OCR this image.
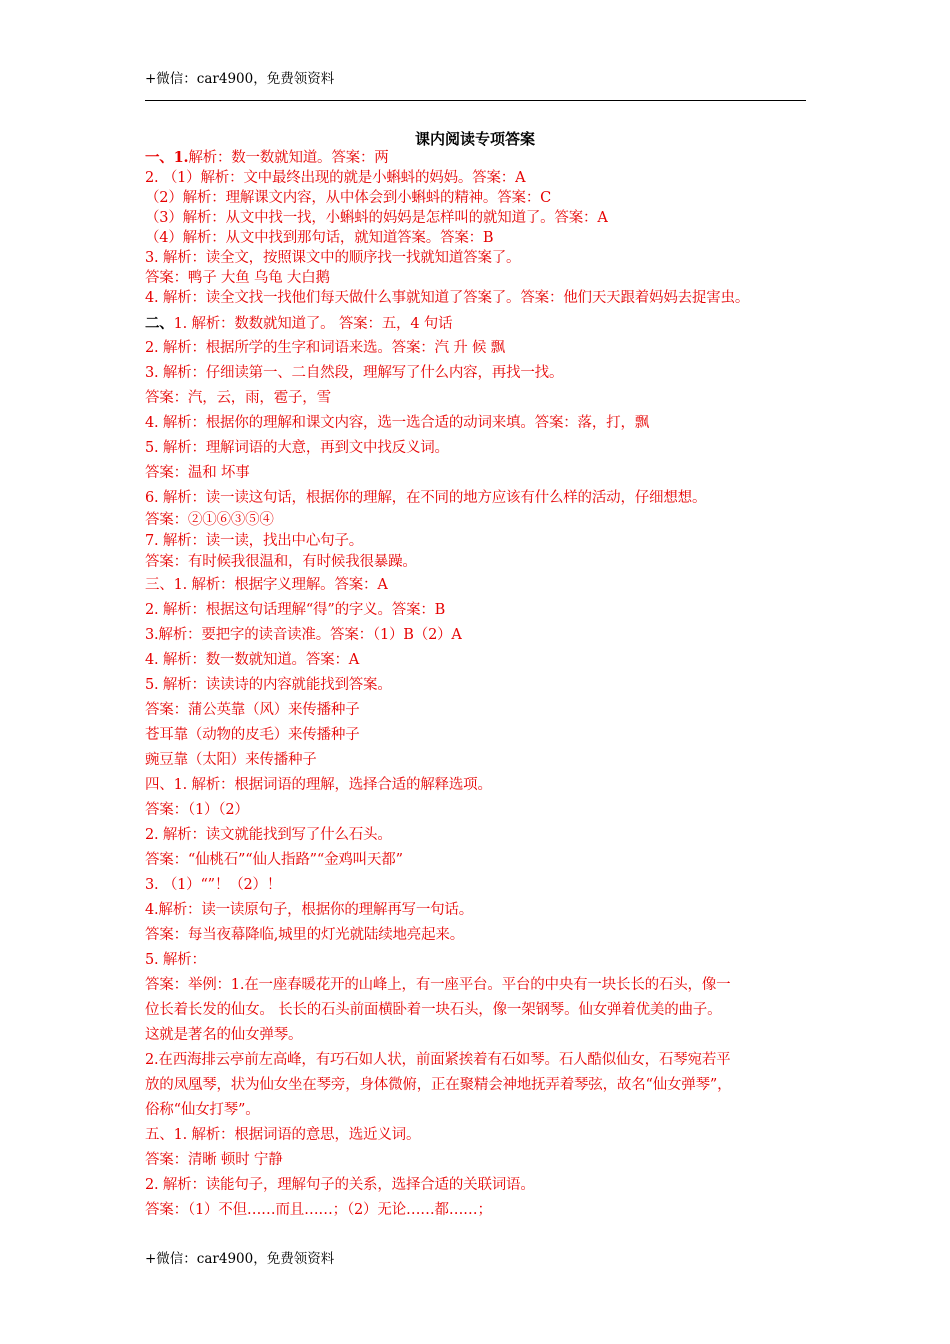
+微信：car4900，免费领资料
课内阅读专项答案
一、1.解析：数一数就知道。答案：两
2. （1）解析：文中最终出现的就是小蝌蚪的妈妈。答案：A
（2）解析：理解课文内容，从中体会到小蝌蚪的精神。答案：C
（3）解析：从文中找一找，小蝌蚪的妈妈是怎样叫的就知道了。答案：A
（4）解析：从文中找到那句话，就知道答案。答案：B
3. 解析：读全文，按照课文中的顺序找一找就知道答案了。
答案：鸭子 大鱼 乌龟 大白鹅
4. 解析：读全文找一找他们每天做什么事就知道了答案了。答案：他们天天跟着妈妈去捉害虫。
二、1. 解析：数数就知道了。 答案：五，4 句话
2. 解析：根据所学的生字和词语来选。答案：汽 升 候 飘
3. 解析：仔细读第一、二自然段，理解写了什么内容，再找一找。
答案：汽，云，雨，雹子，雪
4. 解析：根据你的理解和课文内容，选一选合适的动词来填。答案：落，打，飘
5. 解析：理解词语的大意，再到文中找反义词。
答案：温和 坏事
6. 解析：读一读这句话，根据你的理解，在不同的地方应该有什么样的活动，仔细想想。
答案：②①⑥③⑤④
7. 解析：读一读，找出中心句子。
答案：有时候我很温和，有时候我很暴躁。
三、1. 解析：根据字义理解。答案：A
2. 解析：根据这句话理解“得”的字义。答案：B
3.解析：要把字的读音读准。答案：（1）B（2）A
4. 解析：数一数就知道。答案：A
5. 解析：读读诗的内容就能找到答案。
答案：蒲公英靠（风）来传播种子
苍耳靠（动物的皮毛）来传播种子
豌豆靠（太阳）来传播种子
四、1. 解析：根据词语的理解，选择合适的解释选项。
答案：（1）（2）
2. 解析：读文就能找到写了什么石头。
答案：“仙桃石”“仙人指路”“金鸡叫天都”
3. （1）“”！（2）！
4.解析：读一读原句子，根据你的理解再写一句话。
答案：每当夜幕降临,城里的灯光就陆续地亮起来。
5. 解析：
答案：举例：1.在一座春暖花开的山峰上，有一座平台。平台的中央有一块长长的石头，像一
位长着长发的仙女。 长长的石头前面横卧着一块石头，像一架钢琴。仙女弹着优美的曲子。
这就是著名的仙女弹琴。
2.在西海排云亭前左高峰，有巧石如人状，前面紧挨着有石如琴。石人酷似仙女，石琴宛若平
放的凤凰琴，状为仙女坐在琴旁，身体微俯，正在聚精会神地抚弄着琴弦，故名“仙女弹琴”，
俗称“仙女打琴”。
五、1. 解析：根据词语的意思，选近义词。
答案：清晰 顿时 宁静
2. 解析：读能句子，理解句子的关系，选择合适的关联词语。
答案：（1）不但……而且……；（2）无论……都……；
+微信：car4900，免费领资料
